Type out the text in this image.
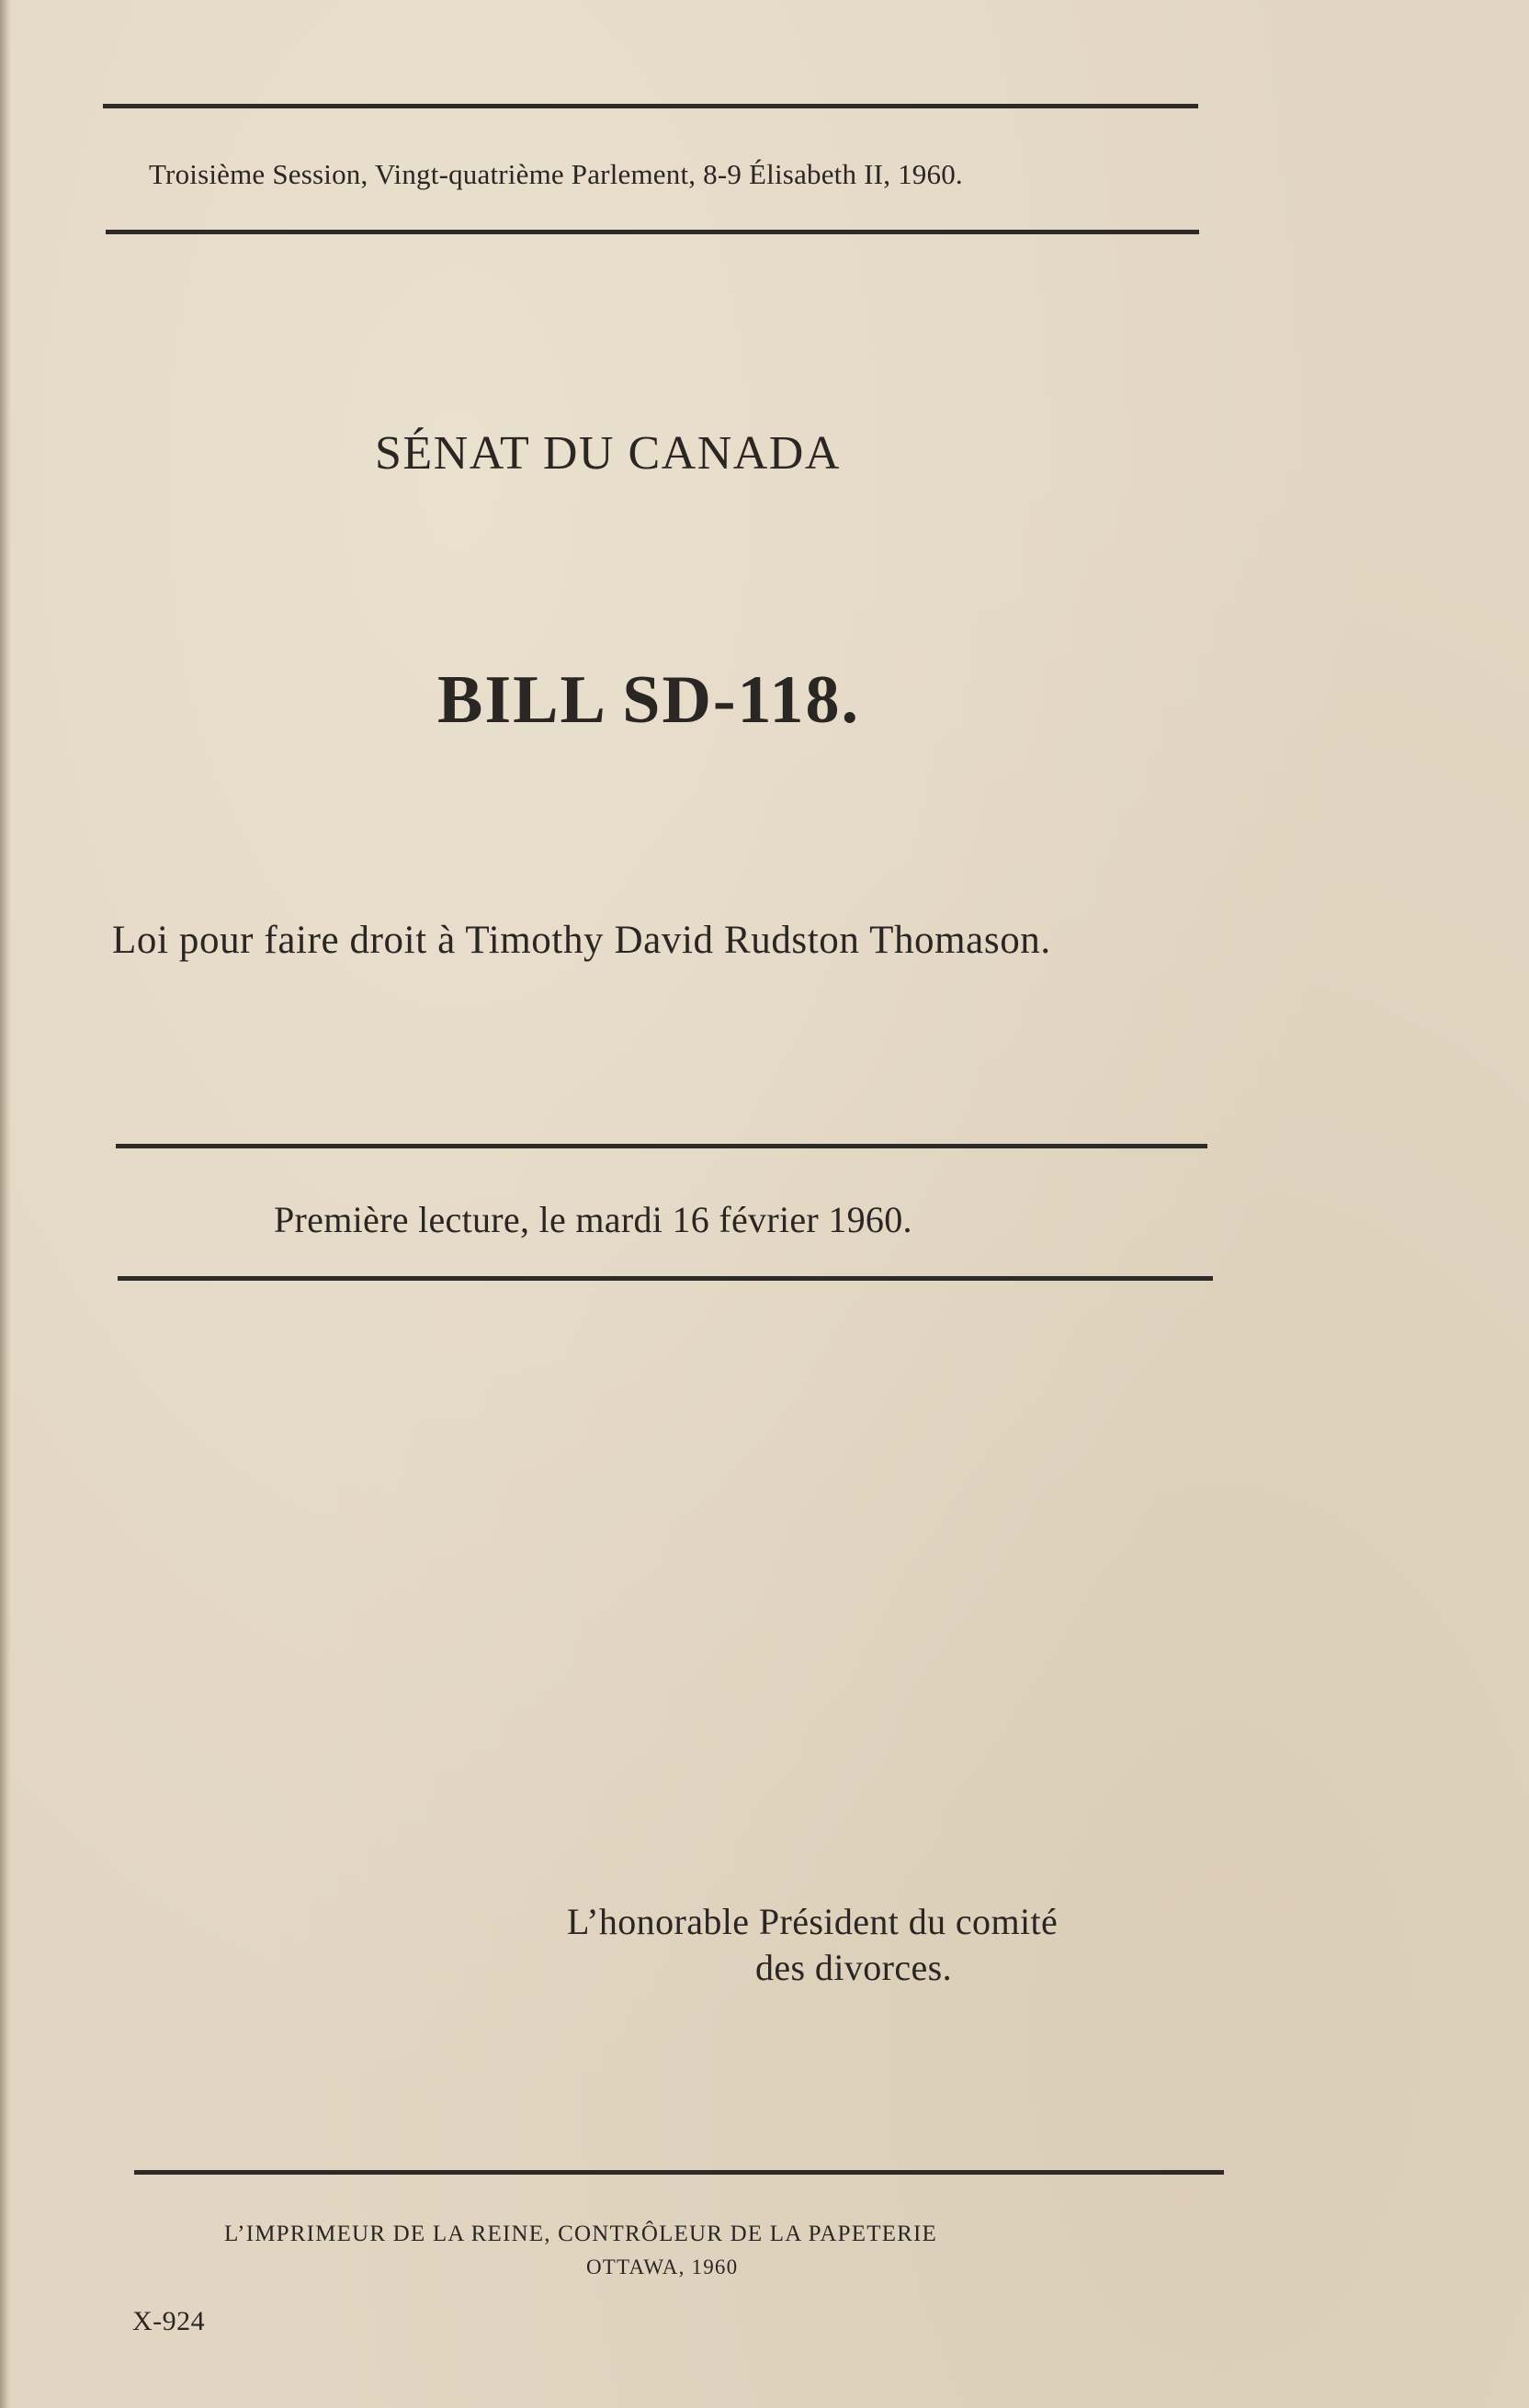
Troisième Session, Vingt-quatrième Parlement, 8-9 Élisabeth II, 1960.
SÉNAT DU CANADA
BILL SD-118.
Loi pour faire droit à Timothy David Rudston Thomason.
Première lecture, le mardi 16 février 1960.
L’honorable Président du comité
des divorces.
L’IMPRIMEUR DE LA REINE, CONTRÔLEUR DE LA PAPETERIE
OTTAWA, 1960
X-924
